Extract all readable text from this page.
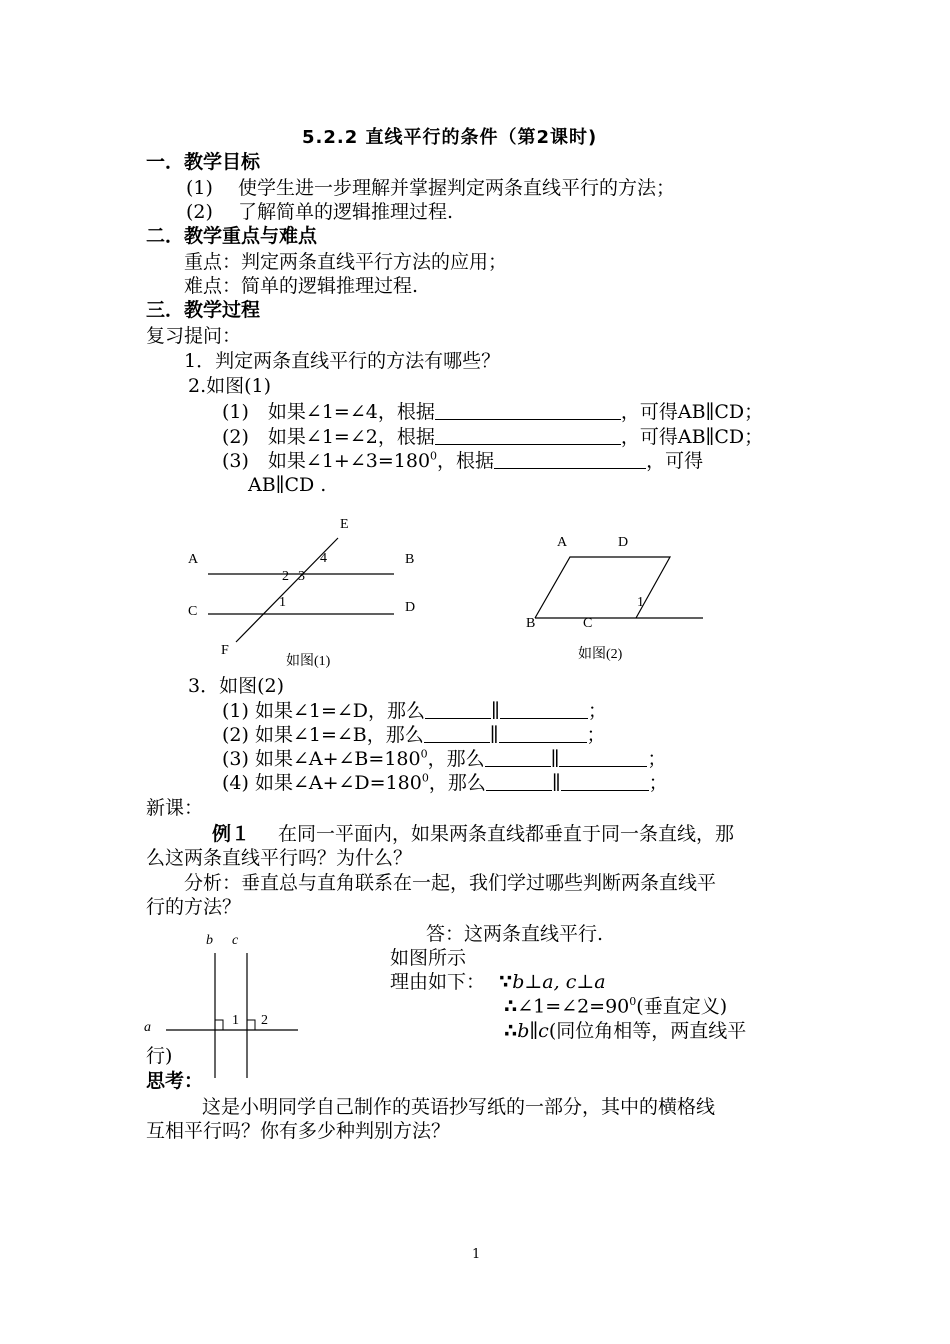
5.2.2 直线平行的条件（第2课时)
一．教学目标
(1)　 使学生进一步理解并掌握判定两条直线平行的方法；
(2)　 了解简单的逻辑推理过程.
二．教学重点与难点
重点：判定两条直线平行方法的应用；
难点：简单的逻辑推理过程.
三．教学过程
复习提问：
1．判定两条直线平行的方法有哪些？
2.如图(1)
(1)　如果∠1=∠4，根据	，可得AB∥CD；
(2)　如果∠1=∠2，根据	，可得AB∥CD；
(3)　如果$\angle 1+\angle 3=180^0$，根据	，可得
AB∥CD .
E
A	B
4
2 3
C	D
1
F
如图(1)
A	D
1
B	C
如图(2)
3．如图(2)
(1) 如果∠1=∠D，那么	∥	；
(2) 如果∠1=∠B，那么	∥	；
(3) 如果$\angle A+\angle B=180^0$，那么	∥	；
(4) 如果$\angle A+\angle D=180^0$，那么	∥	；
新课：
例１ 在同一平面内，如果两条直线都垂直于同一条直线，那
么这两条直线平行吗？为什么？
分析：垂直总与直角联系在一起，我们学过哪些判断两条直线平
行的方法？
b c
a	1 2
答：这两条直线平行.
如图所示
理由如下： ∵b⊥a, c⊥a
$\therefore\angle 1=\angle 2=90^0$(垂直定义)
∴b∥c(同位角相等，两直线平
行)
思考：
这是小明同学自己制作的英语抄写纸的一部分，其中的横格线
互相平行吗？你有多少种判别方法？
1
